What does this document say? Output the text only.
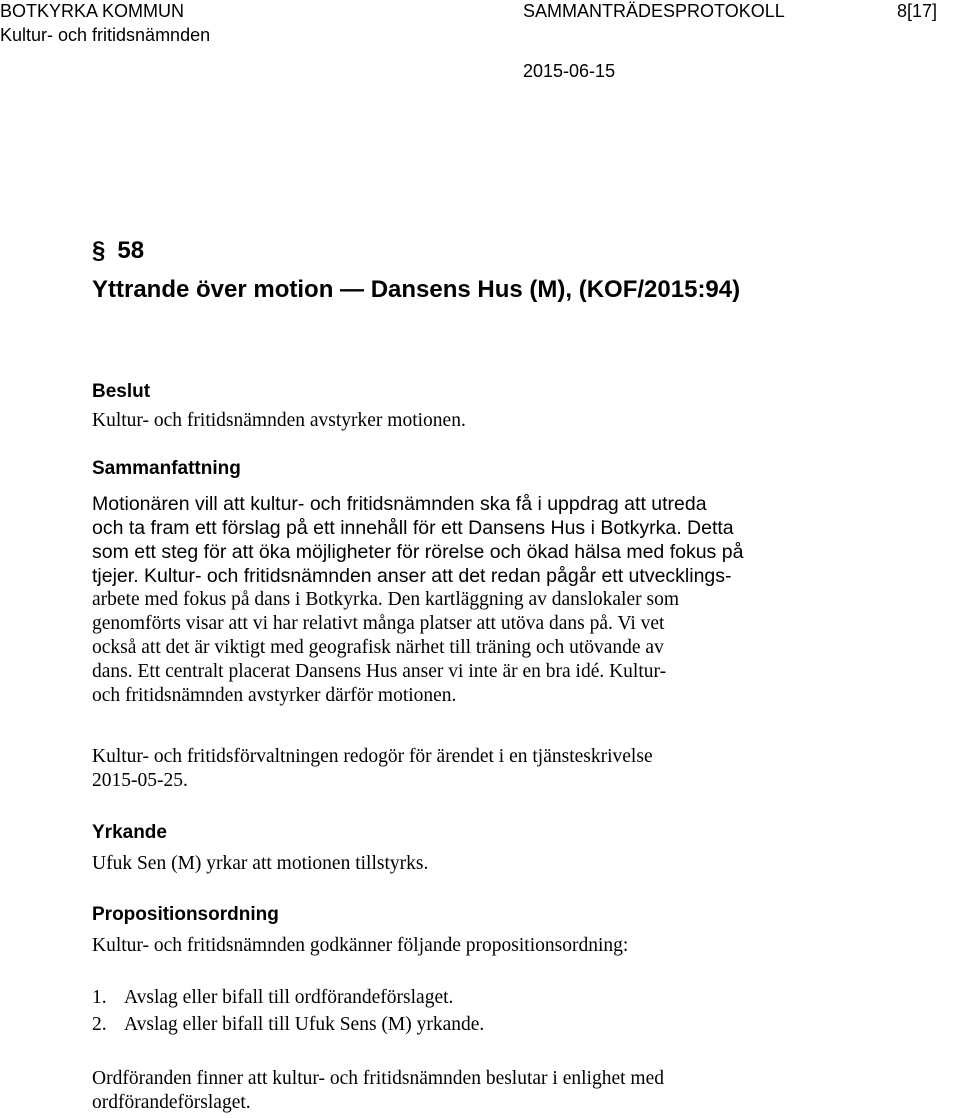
BOTKYRKA KOMMUN
Kultur- och fritidsnämnden
SAMMANTRÄDESPROTOKOLL	8[17]
2015-06-15
§ 58
Yttrande över motion — Dansens Hus (M), (KOF/2015:94)
Beslut
Kultur- och fritidsnämnden avstyrker motionen.
Sammanfattning
Motionären vill att kultur- och fritidsnämnden ska få i uppdrag att utreda
och ta fram ett förslag på ett innehåll för ett Dansens Hus i Botkyrka. Detta
som ett steg för att öka möjligheter för rörelse och ökad hälsa med fokus på
tjejer. Kultur- och fritidsnämnden anser att det redan pågår ett utvecklings-
arbete med fokus på dans i Botkyrka. Den kartläggning av danslokaler som
genomförts visar att vi har relativt många platser att utöva dans på. Vi vet
också att det är viktigt med geografisk närhet till träning och utövande av
dans. Ett centralt placerat Dansens Hus anser vi inte är en bra idé. Kultur-
och fritidsnämnden avstyrker därför motionen.
Kultur- och fritidsförvaltningen redogör för ärendet i en tjänsteskrivelse
2015-05-25.
Yrkande
Ufuk Sen (M) yrkar att motionen tillstyrks.
Propositionsordning
Kultur- och fritidsnämnden godkänner följande propositionsordning:
1. Avslag eller bifall till ordförandeförslaget.
2. Avslag eller bifall till Ufuk Sens (M) yrkande.
Ordföranden finner att kultur- och fritidsnämnden beslutar i enlighet med
ordförandeförslaget.
